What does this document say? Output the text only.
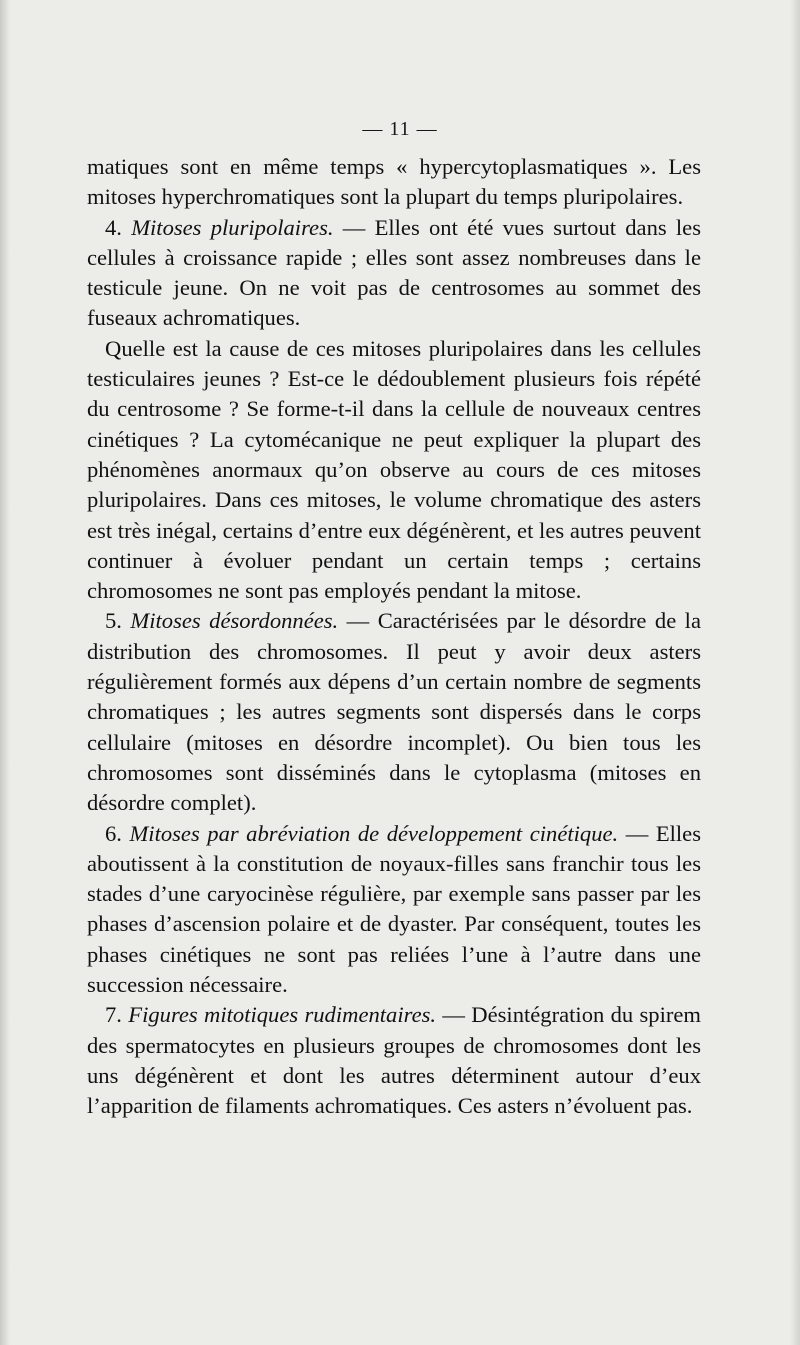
— 11 —

matiques sont en même temps « hypercytoplasmatiques ». Les mitoses hyperchromatiques sont la plupart du temps pluripolaires.

4. Mitoses pluripolaires. — Elles ont été vues surtout dans les cellules à croissance rapide ; elles sont assez nombreuses dans le testicule jeune. On ne voit pas de centrosomes au sommet des fuseaux achromatiques.

Quelle est la cause de ces mitoses pluripolaires dans les cellules testiculaires jeunes ? Est-ce le dédoublement plusieurs fois répété du centrosome ? Se forme-t-il dans la cellule de nouveaux centres cinétiques ? La cytomécanique ne peut expliquer la plupart des phénomènes anormaux qu’on observe au cours de ces mitoses pluripolaires. Dans ces mitoses, le volume chromatique des asters est très inégal, certains d’entre eux dégénèrent, et les autres peuvent continuer à évoluer pendant un certain temps ; certains chromosomes ne sont pas employés pendant la mitose.

5. Mitoses désordonnées. — Caractérisées par le désordre de la distribution des chromosomes. Il peut y avoir deux asters régulièrement formés aux dépens d’un certain nombre de segments chromatiques ; les autres segments sont dispersés dans le corps cellulaire (mitoses en désordre incomplet). Ou bien tous les chromosomes sont disséminés dans le cytoplasma (mitoses en désordre complet).

6. Mitoses par abréviation de développement cinétique. — Elles aboutissent à la constitution de noyaux-filles sans franchir tous les stades d’une caryocinèse régulière, par exemple sans passer par les phases d’ascension polaire et de dyaster. Par conséquent, toutes les phases cinétiques ne sont pas reliées l’une à l’autre dans une succession nécessaire.

7. Figures mitotiques rudimentaires. — Désintégration du spirem des spermatocytes en plusieurs groupes de chromosomes dont les uns dégénèrent et dont les autres déterminent autour d’eux l’apparition de filaments achromatiques. Ces asters n’évoluent pas.
